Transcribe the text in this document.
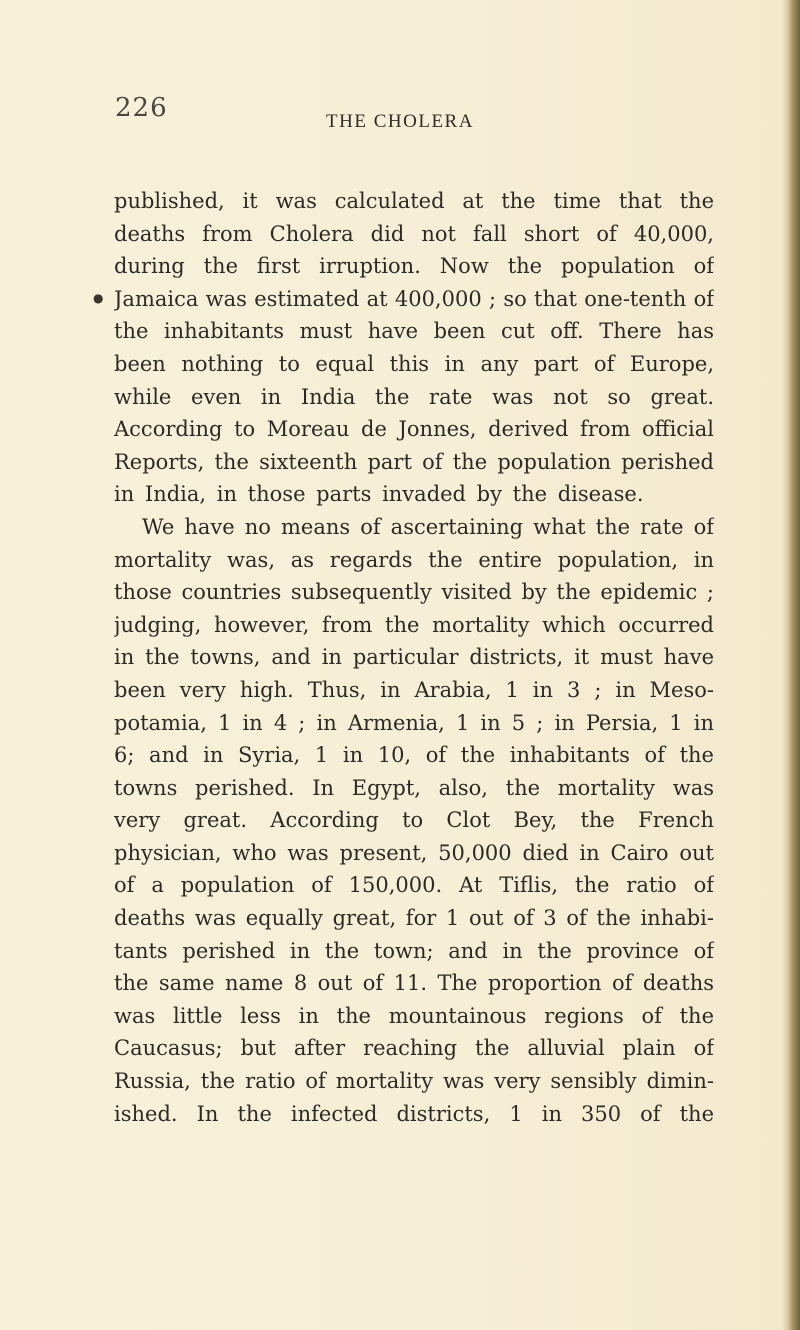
226	THE CHOLERA
●
published, it was calculated at the time that the
deaths from Cholera did not fall short of 40,000,
during the first irruption. Now the population of
Jamaica was estimated at 400,000 ; so that one-tenth of
the inhabitants must have been cut off. There has
been nothing to equal this in any part of Europe,
while even in India the rate was not so great.
According to Moreau de Jonnes, derived from official
Reports, the sixteenth part of the population perished
in India, in those parts invaded by the disease.
We have no means of ascertaining what the rate of
mortality was, as regards the entire population, in
those countries subsequently visited by the epidemic ;
judging, however, from the mortality which occurred
in the towns, and in particular districts, it must have
been very high. Thus, in Arabia, 1 in 3 ; in Meso-
potamia, 1 in 4 ; in Armenia, 1 in 5 ; in Persia, 1 in
6; and in Syria, 1 in 10, of the inhabitants of the
towns perished. In Egypt, also, the mortality was
very great. According to Clot Bey, the French
physician, who was present, 50,000 died in Cairo out
of a population of 150,000. At Tiflis, the ratio of
deaths was equally great, for 1 out of 3 of the inhabi-
tants perished in the town; and in the province of
the same name 8 out of 11. The proportion of deaths
was little less in the mountainous regions of the
Caucasus; but after reaching the alluvial plain of
Russia, the ratio of mortality was very sensibly dimin-
ished. In the infected districts, 1 in 350 of the
